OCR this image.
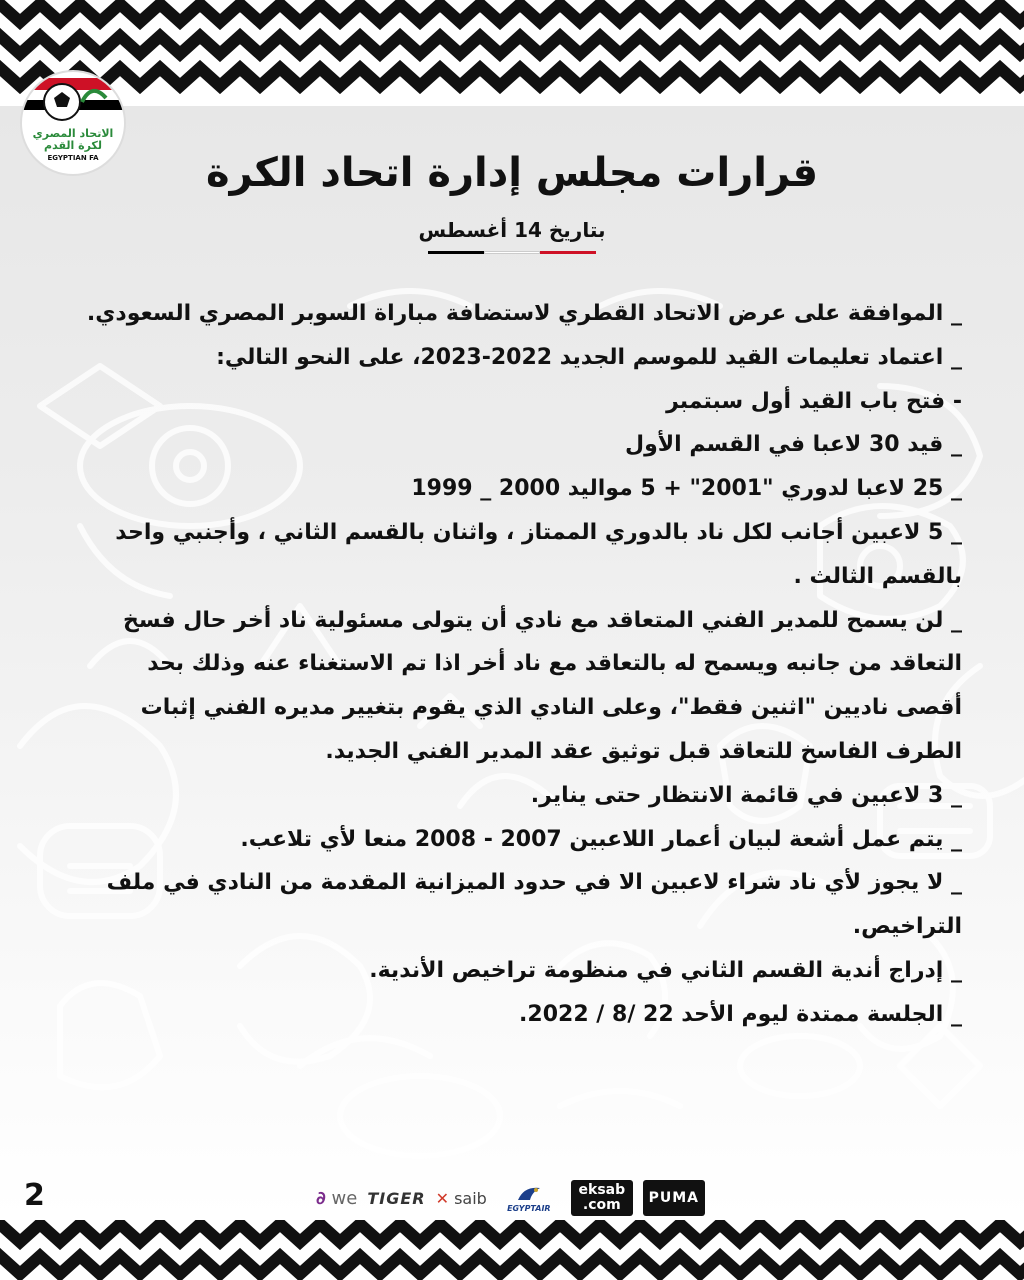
الاتحاد المصري لكرة القدم
EGYPTIAN FA	قرارات مجلس إدارة اتحاد الكرة
بتاريخ 14 أغسطس
_ الموافقة على عرض الاتحاد القطري لاستضافة مباراة السوبر المصري السعودي.
_ اعتماد تعليمات القيد للموسم الجديد 2022-2023، على النحو التالي:
- فتح باب القيد أول سبتمبر
_ قيد 30 لاعبا في القسم الأول
_ 25 لاعبا لدوري "2001" + 5 مواليد 2000 _ 1999
_ 5 لاعبين أجانب لكل ناد بالدوري الممتاز ، واثنان بالقسم الثاني ، وأجنبي واحد
بالقسم الثالث .
_ لن يسمح للمدير الفني المتعاقد مع نادي أن يتولى مسئولية ناد أخر حال فسخ
التعاقد من جانبه ويسمح له بالتعاقد مع ناد أخر اذا تم الاستغناء عنه وذلك بحد
أقصى ناديين "اثنين فقط"، وعلى النادي الذي يقوم بتغيير مديره الفني إثبات
الطرف الفاسخ للتعاقد قبل توثيق عقد المدير الفني الجديد.
_ 3 لاعبين في قائمة الانتظار حتى يناير.
_ يتم عمل أشعة لبيان أعمار اللاعبين 2007 - 2008 منعا لأي تلاعب.
_ لا يجوز لأي ناد شراء لاعبين الا في حدود الميزانية المقدمة من النادي في ملف
التراخيص.
_ إدراج أندية القسم الثاني في منظومة تراخيص الأندية.
_ الجلسة ممتدة ليوم الأحد 22 /8 / 2022.
2	∂ we TIGER ✕ saib
EGYPTAIR
eksab
.com	PUMA
